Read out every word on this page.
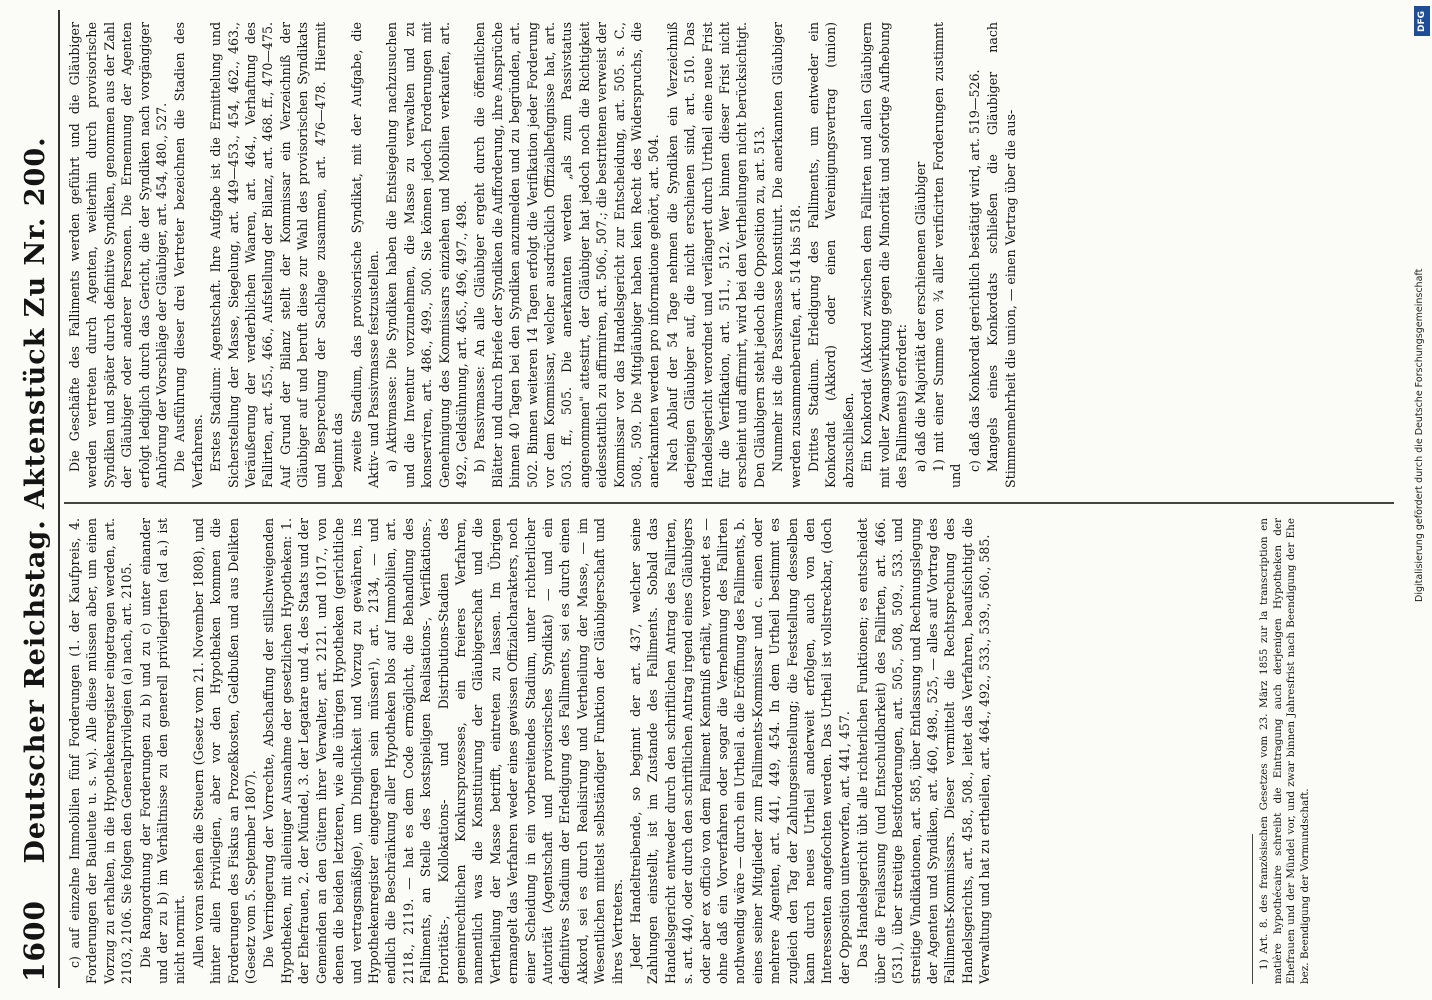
1600
Deutscher Reichstag. Aktenstück Zu Nr. 200. c) auf einzelne Immobilien fünf Forderungen (1. der Kaufpreis, 4. Forderungen der Bauleute u. s. w.). Alle diese müssen aber, um einen Vorzug zu erhalten, in die Hypothekenregister eingetragen werden, art. 2103, 2106. Sie folgen den Generalprivilegien (a) nach, art. 2105. Die Rangordnung der Forderungen zu b) und zu c) unter einander und der zu b) im Verhältnisse zu den generell privilegirten (ad a.) ist nicht normirt. Allen voran stehen die Steuern (Gesetz vom 21. November 1808), und hinter allen Privilegien, aber vor den Hypotheken kommen die Forderungen des Fiskus an Prozeßkosten, Geldbußen und aus Delikten (Gesetz vom 5. September 1807). Die Verringerung der Vorrechte, Abschaffung der stillschweigenden Hypotheken, mit alleiniger Ausnahme der gesetzlichen Hypotheken: 1. der Ehefrauen, 2. der Mündel, 3. der Legatare und 4. des Staats und der Gemeinden an den Gütern ihrer Verwalter, art. 2121. und 1017., von denen die beiden letzteren, wie alle übrigen Hypotheken (gerichtliche und vertragsmäßige), um Dinglichkeit und Vorzug zu gewähren, ins Hypothekenregister eingetragen sein müssen¹), art. 2134, — und endlich die Beschränkung aller Hypotheken blos auf Immobilien, art. 2118., 2119. — hat es dem Code ermöglicht, die Behandlung des Falliments, an Stelle des kostspieligen Realisations-, Verifikations-, Prioritäts-, Kollokations- und Distributions-Stadien des gemeinrechtlichen Konkursprozesses, ein freieres Verfahren, namentlich was die Konstituirung der Gläubigerschaft und die Vertheilung der Masse betrifft, eintreten zu lassen. Im Übrigen ermangelt das Verfahren weder eines gewissen Offizialcharakters, noch einer Scheidung in ein vorbereitendes Stadium, unter richterlicher Autorität (Agentschaft und provisorisches Syndikat) — und ein definitives Stadium der Erledigung des Falliments, sei es durch einen Akkord, sei es durch Realisirung und Vertheilung der Masse, — im Wesentlichen mittelst selbständiger Funktion der Gläubigerschaft und ihres Vertreters. Jeder Handeltreibende, so beginnt der art. 437, welcher seine Zahlungen einstellt, ist im Zustande des Falliments. Sobald das Handelsgericht entweder durch den schriftlichen Antrag des Fallirten, s. art. 440, oder durch den schriftlichen Antrag irgend eines Gläubigers oder aber ex officio von dem Falliment Kenntniß erhält, verordnet es — ohne daß ein Vorverfahren oder sogar die Vernehmung des Fallirten nothwendig wäre — durch ein Urtheil a. die Eröffnung des Falliments, b. eines seiner Mitglieder zum Falliments-Kommissar und c. einen oder mehrere Agenten, art. 441, 449, 454. In dem Urtheil bestimmt es zugleich den Tag der Zahlungseinstellung; die Feststellung desselben kann durch neues Urtheil anderweit erfolgen, auch von den Interessenten angefochten werden. Das Urtheil ist vollstreckbar, (doch der Opposition unterworfen, art. 441, 457. Das Handelsgericht übt alle richterlichen Funktionen; es entscheidet über die Freilassung (und Entschuldbarkeit) des Fallirten, art. 466. (531.), über streitige Bestforderungen, art. 505., 508, 509., 533. und streitige Vindikationen, art. 585, über Entlassung und Rechnungslegung der Agenten und Syndiken, art. 460, 498., 525, — alles auf Vortrag des Falliments-Kommissars. Dieser vermittelt die Rechtsprechung des Handelsgerichts, art. 458., 508., leitet das Verfahren, beaufsichtigt die Verwaltung und hat zu ertheilen, art. 464., 492., 533., 539., 560., 585.	1) Art. 8. des französischen Gesetzes vom 23. März 1855 zur la transcription en matière hypothécaire schreibt die Eintragung auch derjenigen Hypotheken der Ehefrauen und der Mündel vor, und zwar binnen Jahresfrist nach Beendigung der Ehe bez. Beendigung der Vormundschaft.

Die Geschäfte des Falliments werden geführt und die Gläubiger werden vertreten durch Agenten, weiterhin durch provisorische Syndiken und später durch definitive Syndiken, genommen aus der Zahl der Gläubiger oder anderer Personen. Die Ernennung der Agenten erfolgt lediglich durch das Gericht, die der Syndiken nach vorgängiger Anhörung der Vorschläge der Gläubiger, art. 454, 480., 527. Die Ausführung dieser drei Vertreter bezeichnen die Stadien des Verfahrens. Erstes Stadium: Agentschaft. Ihre Aufgabe ist die Ermittelung und Sicherstellung der Masse, Siegelung, art. 449—453., 454, 462., 463., Veräußerung der verderblichen Waaren, art. 464., Verhaftung des Fallirten, art. 455., 466., Aufstellung der Bilanz, art. 468. ff., 470—475. Auf Grund der Bilanz stellt der Kommissar ein Verzeichniß der Gläubiger auf und beruft diese zur Wahl des provisorischen Syndikats und Besprechung der Sachlage zusammen, art. 476—478. Hiermit beginnt das zweite Stadium, das provisorische Syndikat, mit der Aufgabe, die Aktiv- und Passivmasse festzustellen. a) Aktivmasse: Die Syndiken haben die Entsiegelung nachzusuchen und die Inventur vorzunehmen, die Masse zu verwalten und zu konserviren, art. 486., 499., 500. Sie können jedoch Forderungen mit Genehmigung des Kommissars einziehen und Mobilien verkaufen, art. 492., Geldsühnung, art. 465., 496, 497., 498. b) Passivmasse: An alle Gläubiger ergeht durch die öffentlichen Blätter und durch Briefe der Syndiken die Aufforderung, ihre Ansprüche binnen 40 Tagen bei den Syndiken anzumelden und zu begründen, art. 502. Binnen weiteren 14 Tagen erfolgt die Verifikation jeder Forderung vor dem Kommissar, welcher ausdrücklich Offizialbefugnisse hat, art. 503. ff., 505. Die anerkannten werden „als zum Passivstatus angenommen" attestirt, der Gläubiger hat jedoch noch die Richtigkeit eidesstattlich zu affirmiren, art. 506., 507.; die bestrittenen verweist der Kommissar vor das Handelsgericht zur Entscheidung, art. 505. s. C., 508., 509. Die Mitgläubiger haben kein Recht des Widerspruchs, die anerkannten werden pro informatione gehört, art. 504. Nach Ablauf der 54 Tage nehmen die Syndiken ein Verzeichniß derjenigen Gläubiger auf, die nicht erschienen sind, art. 510. Das Handelsgericht verordnet und verlängert durch Urtheil eine neue Frist für die Verifikation, art. 511., 512. Wer binnen dieser Frist nicht erscheint und affirmirt, wird bei den Vertheilungen nicht berücksichtigt. Den Gläubigern steht jedoch die Opposition zu, art. 513. Nunmehr ist die Passivmasse konstituirt. Die anerkannten Gläubiger werden zusammenberufen, art. 514 bis 518. Drittes Stadium. Erledigung des Falliments, um entweder ein Konkordat (Akkord) oder einen Vereinigungsvertrag (union) abzuschließen. Ein Konkordat (Akkord zwischen dem Fallirten und allen Gläubigern mit voller Zwangswirkung gegen die Minorität und sofortige Aufhebung des Falliments) erfordert: a) daß die Majorität der erschienenen Gläubiger 1) mit einer Summe von ¾ aller verificirten Forderungen zustimmt und

c) daß das Konkordat gerichtlich bestätigt wird, art. 519—526. Mangels eines Konkordats schließen die Gläubiger nach Stimmenmehrheit die union, — einen Vertrag über die aus-

DFG
Digitalisierung gefördert durch die Deutsche Forschungsgemeinschaft
